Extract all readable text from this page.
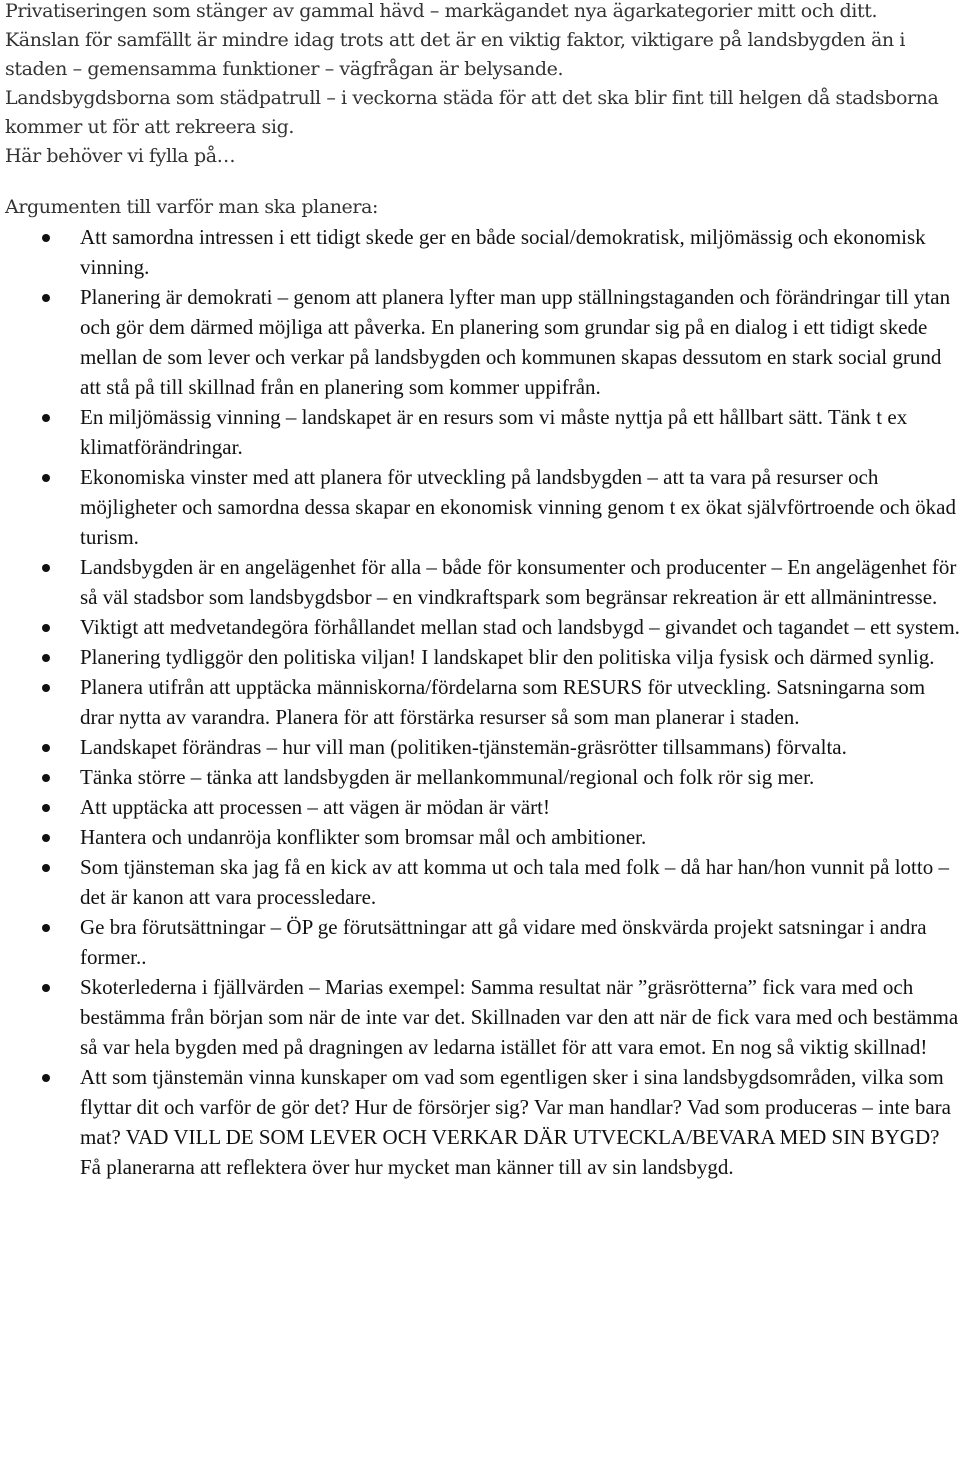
Privatiseringen som stänger av gammal hävd – markägandet nya ägarkategorier mitt och ditt.

Känslan för samfällt är mindre idag trots att det är en viktig faktor, viktigare på landsbygden än i staden – gemensamma funktioner – vägfrågan är belysande.

Landsbygdsborna som städpatrull – i veckorna städa för att det ska blir fint till helgen då stadsborna kommer ut för att rekreera sig.

Här behöver vi fylla på…

Argumenten till varför man ska planera:

Att samordna intressen i ett tidigt skede ger en både social/demokratisk, miljömässig och ekonomisk vinning.
Planering är demokrati – genom att planera lyfter man upp ställningstaganden och förändringar till ytan och gör dem därmed möjliga att påverka. En planering som grundar sig på en dialog i ett tidigt skede mellan de som lever och verkar på landsbygden och kommunen skapas dessutom en stark social grund att stå på till skillnad från en planering som kommer uppifrån.
En miljömässig vinning – landskapet är en resurs som vi måste nyttja på ett hållbart sätt. Tänk t ex klimatförändringar.
Ekonomiska vinster med att planera för utveckling på landsbygden – att ta vara på resurser och möjligheter och samordna dessa skapar en ekonomisk vinning genom t ex ökat självförtroende och ökad turism.
Landsbygden är en angelägenhet för alla – både för konsumenter och producenter – En angelägenhet för så väl stadsbor som landsbygdsbor – en vindkraftspark som begränsar rekreation är ett allmänintresse.
Viktigt att medvetandegöra förhållandet mellan stad och landsbygd – givandet och tagandet – ett system.
Planering tydliggör den politiska viljan! I landskapet blir den politiska vilja fysisk och därmed synlig.
Planera utifrån att upptäcka människorna/fördelarna som RESURS för utveckling. Satsningarna som drar nytta av varandra. Planera för att förstärka resurser så som man planerar i staden.
Landskapet förändras – hur vill man (politiken-tjänstemän-gräsrötter tillsammans) förvalta.
Tänka större – tänka att landsbygden är mellankommunal/regional och folk rör sig mer.
Att upptäcka att processen – att vägen är mödan är värt!
Hantera och undanröja konflikter som bromsar mål och ambitioner.
Som tjänsteman ska jag få en kick av att komma ut och tala med folk – då har han/hon vunnit på lotto – det är kanon att vara processledare.
Ge bra förutsättningar – ÖP ge förutsättningar att gå vidare med önskvärda projekt satsningar i andra former..
Skoterlederna i fjällvärden – Marias exempel: Samma resultat när ”gräsrötterna” fick vara med och bestämma från början som när de inte var det. Skillnaden var den att när de fick vara med och bestämma så var hela bygden med på dragningen av ledarna istället för att vara emot. En nog så viktig skillnad!
Att som tjänstemän vinna kunskaper om vad som egentligen sker i sina landsbygdsområden, vilka som flyttar dit och varför de gör det? Hur de försörjer sig? Var man handlar? Vad som produceras – inte bara mat? VAD VILL DE SOM LEVER OCH VERKAR DÄR UTVECKLA/BEVARA MED SIN BYGD? Få planerarna att reflektera över hur mycket man känner till av sin landsbygd.
